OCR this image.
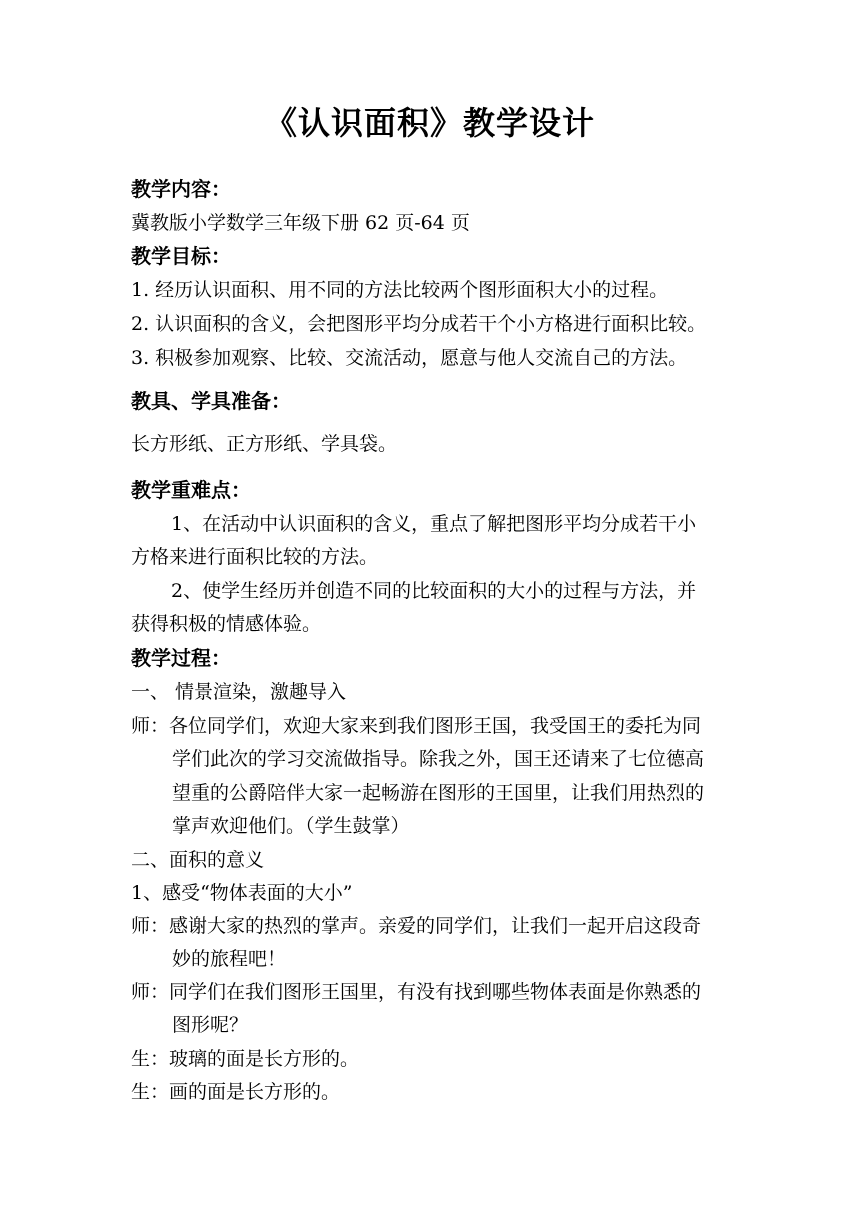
《认识面积》教学设计
教学内容：
冀教版小学数学三年级下册 62 页-64 页
教学目标：
1. 经历认识面积、用不同的方法比较两个图形面积大小的过程。
2. 认识面积的含义，会把图形平均分成若干个小方格进行面积比较。
3. 积极参加观察、比较、交流活动，愿意与他人交流自己的方法。
教具、学具准备：
长方形纸、正方形纸、学具袋。
教学重难点：
1、在活动中认识面积的含义，重点了解把图形平均分成若干小
方格来进行面积比较的方法。
2、使学生经历并创造不同的比较面积的大小的过程与方法，并
获得积极的情感体验。
教学过程：
一、 情景渲染，激趣导入
师：各位同学们，欢迎大家来到我们图形王国，我受国王的委托为同
学们此次的学习交流做指导。除我之外，国王还请来了七位德高
望重的公爵陪伴大家一起畅游在图形的王国里，让我们用热烈的
掌声欢迎他们。（学生鼓掌）
二、面积的意义
1、感受“物体表面的大小”
师：感谢大家的热烈的掌声。亲爱的同学们，让我们一起开启这段奇
妙的旅程吧！
师：同学们在我们图形王国里，有没有找到哪些物体表面是你熟悉的
图形呢？
生：玻璃的面是长方形的。
生：画的面是长方形的。
